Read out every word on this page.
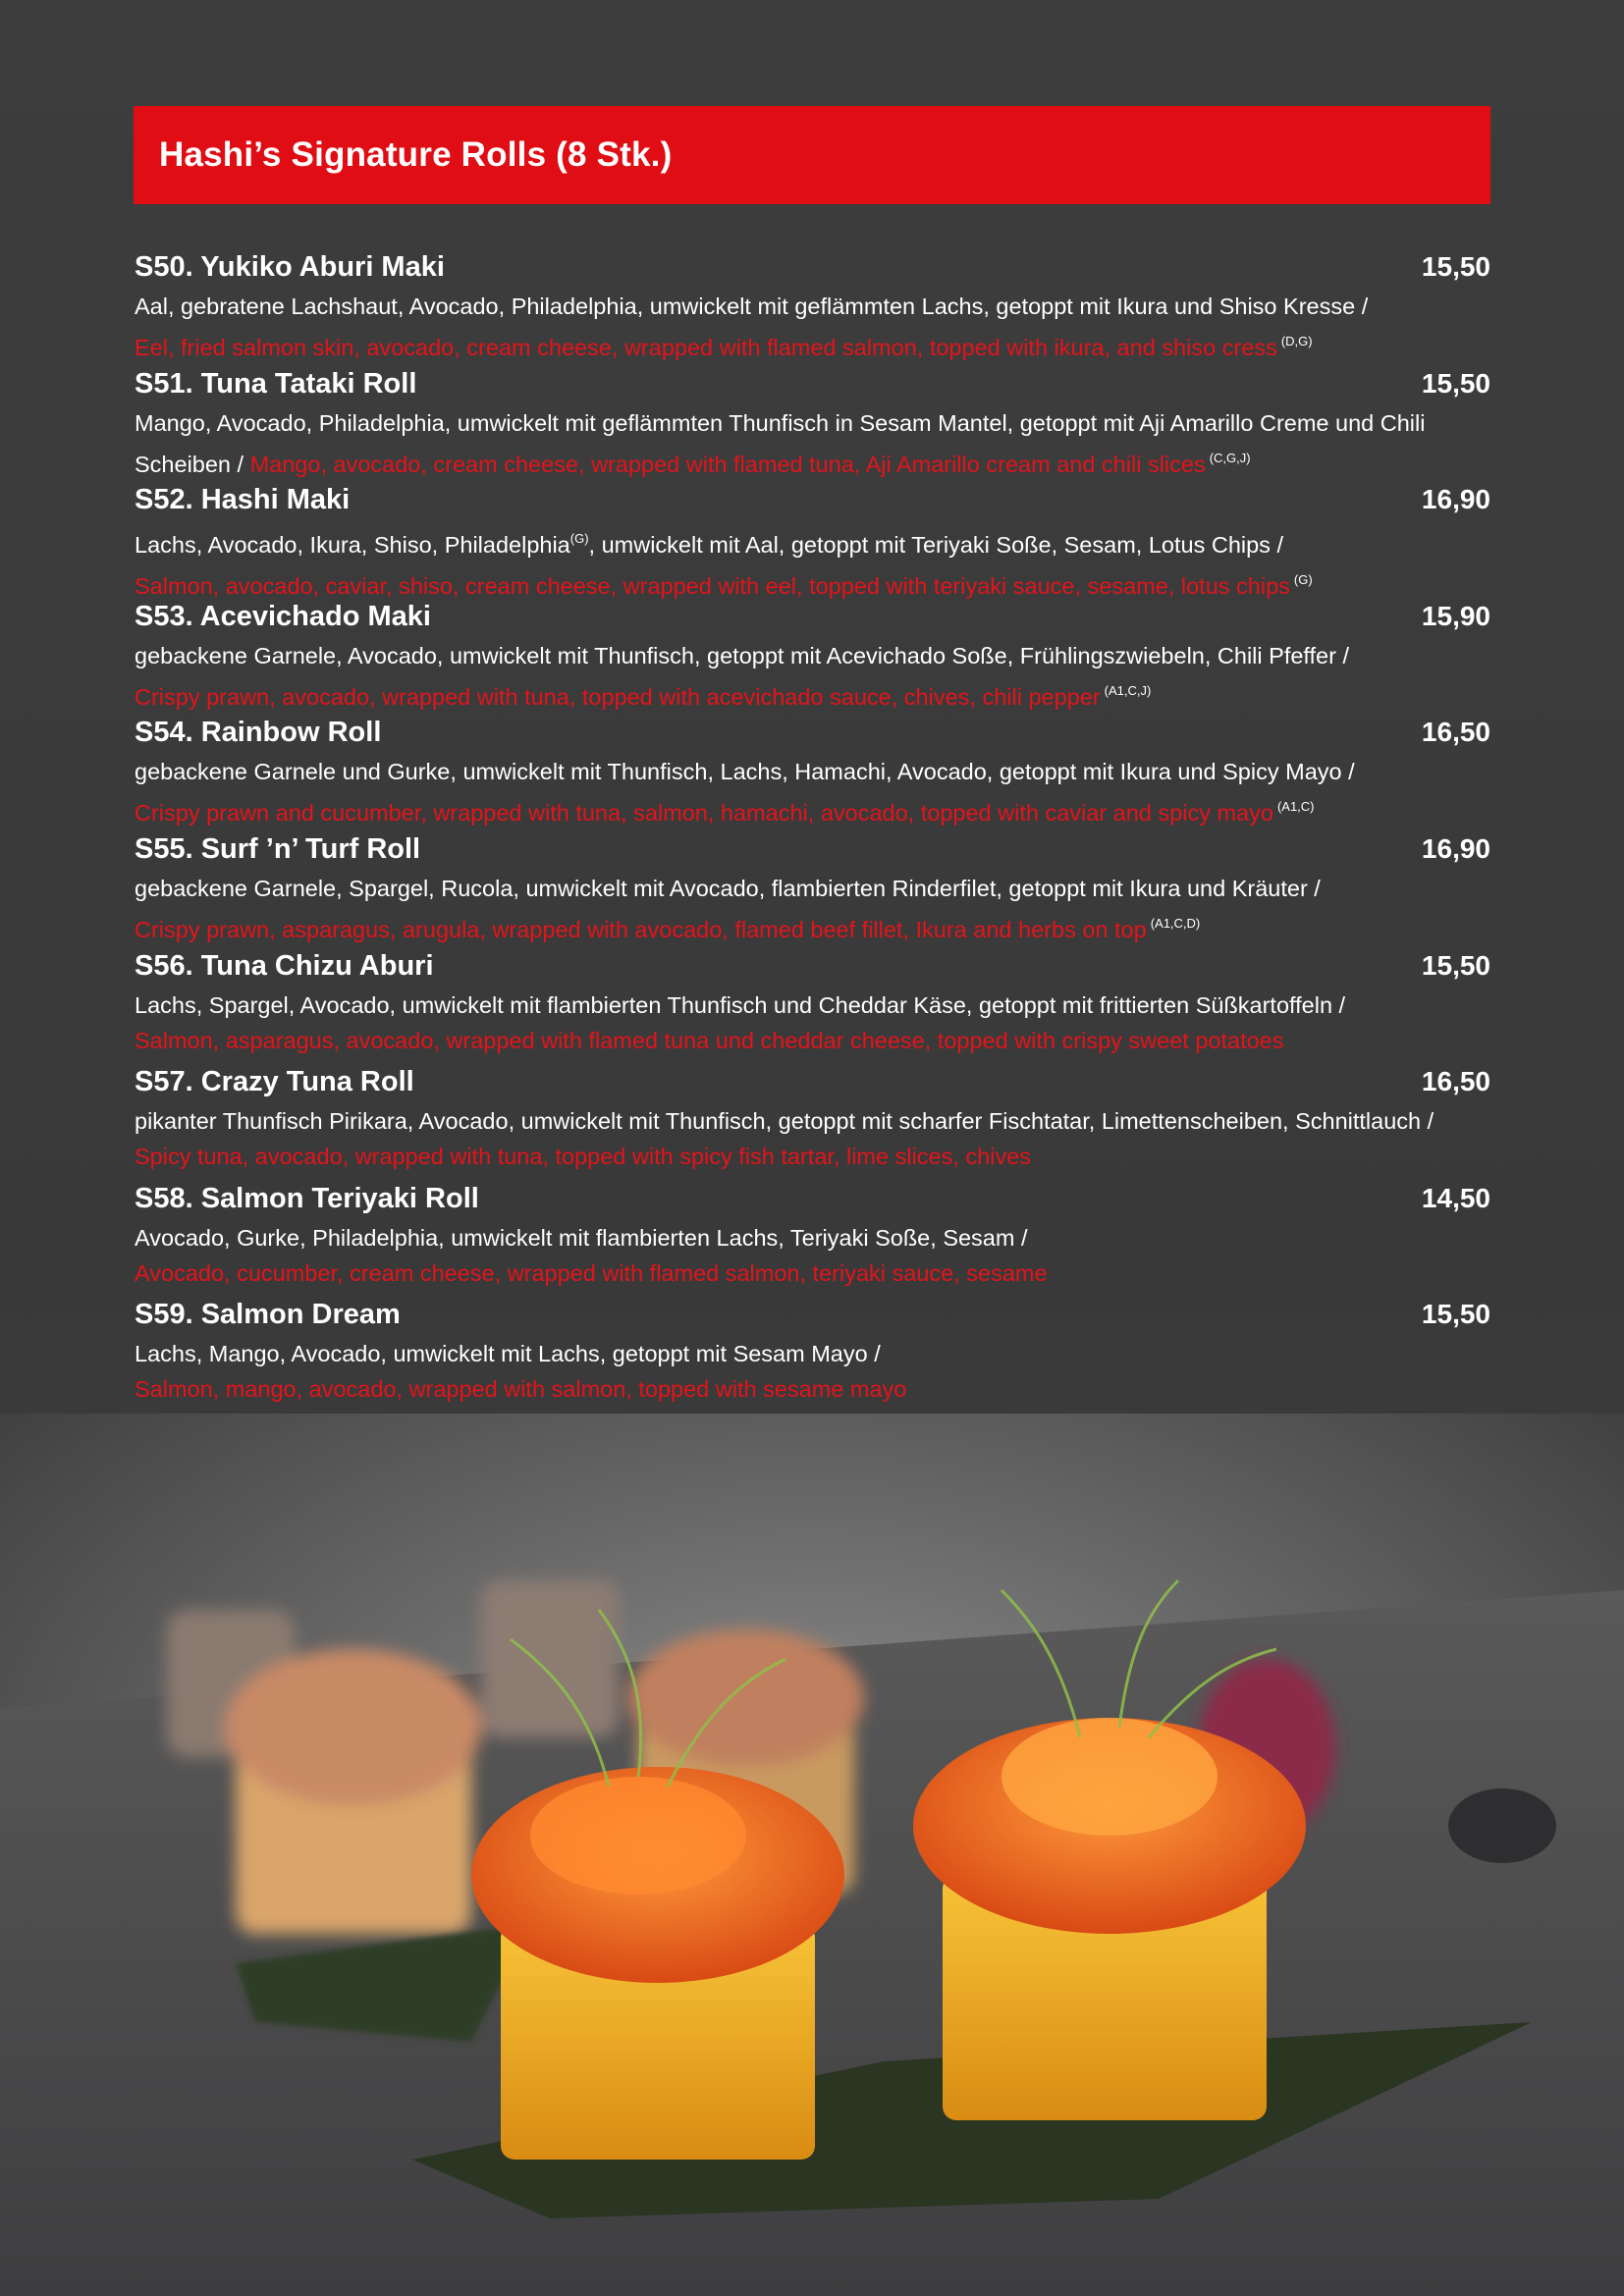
Hashi’s Signature Rolls (8 Stk.)
S50. Yukiko Aburi Maki	15,50
Aal, gebratene Lachshaut, Avocado, Philadelphia, umwickelt mit geflämmten Lachs, getoppt mit Ikura und Shiso Kresse /
Eel, fried salmon skin, avocado, cream cheese, wrapped with flamed salmon, topped with ikura, and shiso cress $^{(D,G)}$
S51. Tuna Tataki Roll	15,50
Mango, Avocado, Philadelphia, umwickelt mit geflämmten Thunfisch in Sesam Mantel, getoppt mit Aji Amarillo Creme und Chili Scheiben / Mango, avocado, cream cheese, wrapped with flamed tuna, Aji Amarillo cream and chili slices $^{(C,G,J)}$
S52. Hashi Maki	16,90
Lachs, Avocado, Ikura, Shiso, Philadelphia$^{(G)}$, umwickelt mit Aal, getoppt mit Teriyaki Soße, Sesam, Lotus Chips /
Salmon, avocado, caviar, shiso, cream cheese, wrapped with eel, topped with teriyaki sauce, sesame, lotus chips $^{(G)}$
S53. Acevichado Maki	15,90
gebackene Garnele, Avocado, umwickelt mit Thunfisch, getoppt mit Acevichado Soße, Frühlingszwiebeln, Chili Pfeffer /
Crispy prawn, avocado, wrapped with tuna, topped with acevichado sauce, chives, chili pepper $^{(A1,C,J)}$
S54. Rainbow Roll	16,50
gebackene Garnele und Gurke, umwickelt mit Thunfisch, Lachs, Hamachi, Avocado, getoppt mit Ikura und Spicy Mayo /
Crispy prawn and cucumber, wrapped with tuna, salmon, hamachi, avocado, topped with caviar and spicy mayo $^{(A1,C)}$
S55. Surf ’n’ Turf Roll	16,90
gebackene Garnele, Spargel, Rucola, umwickelt mit Avocado, flambierten Rinderfilet, getoppt mit Ikura und Kräuter /
Crispy prawn, asparagus, arugula, wrapped with avocado, flamed beef fillet, Ikura and herbs on top $^{(A1,C,D)}$
S56. Tuna Chizu Aburi	15,50
Lachs, Spargel, Avocado, umwickelt mit flambierten Thunfisch und Cheddar Käse, getoppt mit frittierten Süßkartoffeln /
Salmon, asparagus, avocado, wrapped with flamed tuna und cheddar cheese, topped with crispy sweet potatoes
S57. Crazy Tuna Roll	16,50
pikanter Thunfisch Pirikara, Avocado, umwickelt mit Thunfisch, getoppt mit scharfer Fischtatar, Limettenscheiben, Schnittlauch /
Spicy tuna, avocado, wrapped with tuna, topped with spicy fish tartar, lime slices, chives
S58. Salmon Teriyaki Roll	14,50
Avocado, Gurke, Philadelphia, umwickelt mit flambierten Lachs, Teriyaki Soße, Sesam /
Avocado, cucumber, cream cheese, wrapped with flamed salmon, teriyaki sauce, sesame
S59. Salmon Dream	15,50
Lachs, Mango, Avocado, umwickelt mit Lachs, getoppt mit Sesam Mayo /
Salmon, mango, avocado, wrapped with salmon, topped with sesame mayo
